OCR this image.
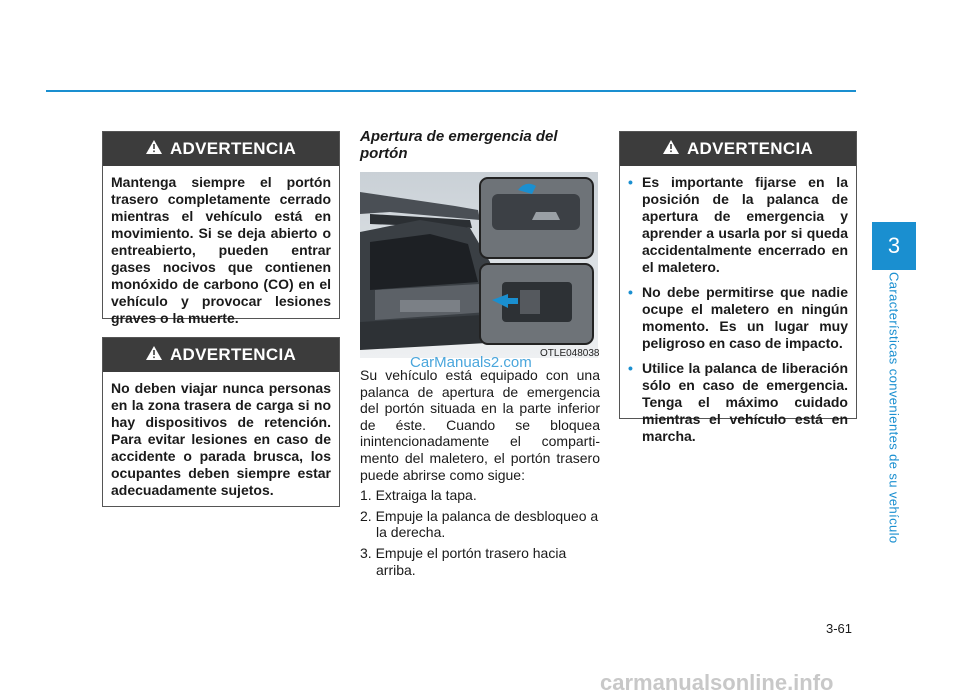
ADVERTENCIA
Mantenga siempre el portón trasero completamente cerrado mientras el vehículo está en movimiento. Si se deja abierto o entreabierto, pueden entrar gases nocivos que contienen monóxido de carbono (CO) en el vehículo y provocar lesiones graves o la muerte.
ADVERTENCIA
No deben viajar nunca personas en la zona trasera de carga si no hay dispositivos de retención. Para evitar lesiones en caso de accidente o parada brusca, los ocupantes deben siempre estar adecuadamente sujetos.
Apertura de emergencia del portón
OTLE048038
CarManuals2.com

Su vehículo está equipado con una palanca de apertura de emergencia del portón situada en la parte inferior de éste. Cuando se bloquea inintencionadamente el comparti-mento del maletero, el portón trasero puede abrirse como sigue:

1. Extraiga la tapa.
2. Empuje la palanca de desbloqueo a la derecha.
3. Empuje el portón trasero hacia arriba.
ADVERTENCIA
• Es importante fijarse en la posición de la palanca de apertura de emergencia y aprender a usarla por si queda accidentalmente encerrado en el maletero.
• No debe permitirse que nadie ocupe el maletero en ningún momento. Es un lugar muy peligroso en caso de impacto.
• Utilice la palanca de liberación sólo en caso de emergencia. Tenga el máximo cuidado mientras el vehículo está en marcha.
3
Características convenientes de su vehículo
3-61
carmanualsonline.info
